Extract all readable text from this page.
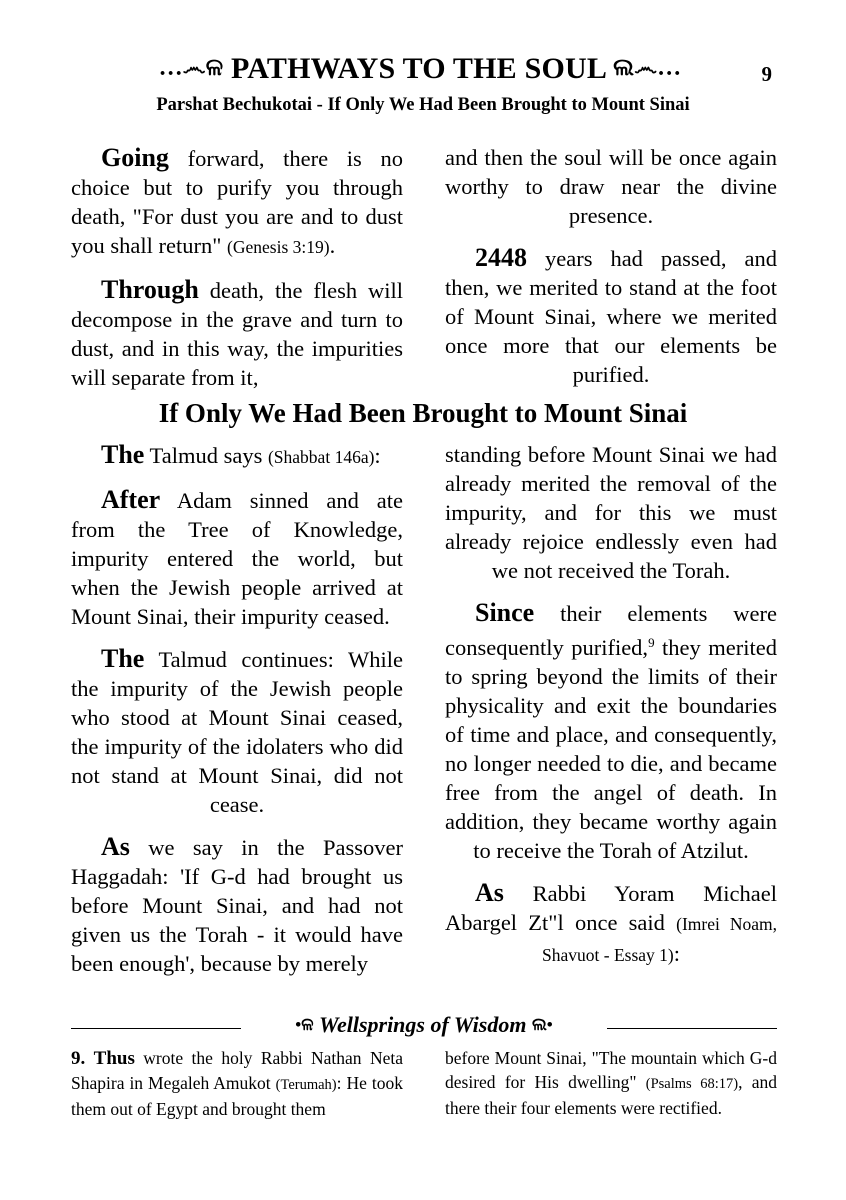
…෴ଳ PATHWAYS TO THE SOUL ଲ෴…	9
Parshat Bechukotai - If Only We Had Been Brought to Mount Sinai

Going forward, there is no choice but to purify you through death, "For dust you are and to dust you shall return" (Genesis 3:19).

Through death, the flesh will decompose in the grave and turn to dust, and in this way, the impurities will separate from it,

and then the soul will be once again worthy to draw near the divine presence.

2448 years had passed, and then, we merited to stand at the foot of Mount Sinai, where we merited once more that our elements be purified.

If Only We Had Been Brought to Mount Sinai

The Talmud says (Shabbat 146a):

After Adam sinned and ate from the Tree of Knowledge, impurity entered the world, but when the Jewish people arrived at Mount Sinai, their impurity ceased.

The Talmud continues: While the impurity of the Jewish people who stood at Mount Sinai ceased, the impurity of the idolaters who did not stand at Mount Sinai, did not cease.

As we say in the Passover Haggadah: 'If G-d had brought us before Mount Sinai, and had not given us the Torah - it would have been enough', because by merely

standing before Mount Sinai we had already merited the removal of the impurity, and for this we must already rejoice endlessly even had we not received the Torah.

Since their elements were consequently purified,$^9$ they merited to spring beyond the limits of their physicality and exit the boundaries of time and place, and consequently, no longer needed to die, and became free from the angel of death. In addition, they became worthy again to receive the Torah of Atzilut.

As Rabbi Yoram Michael Abargel Zt"l once said (Imrei Noam, Shavuot - Essay 1):

•ଳ Wellsprings of Wisdom ଲ•

9. Thus wrote the holy Rabbi Nathan Neta Shapira in Megaleh Amukot (Terumah): He took them out of Egypt and brought them

before Mount Sinai, "The mountain which G-d desired for His dwelling" (Psalms 68:17), and there their four elements were rectified.
